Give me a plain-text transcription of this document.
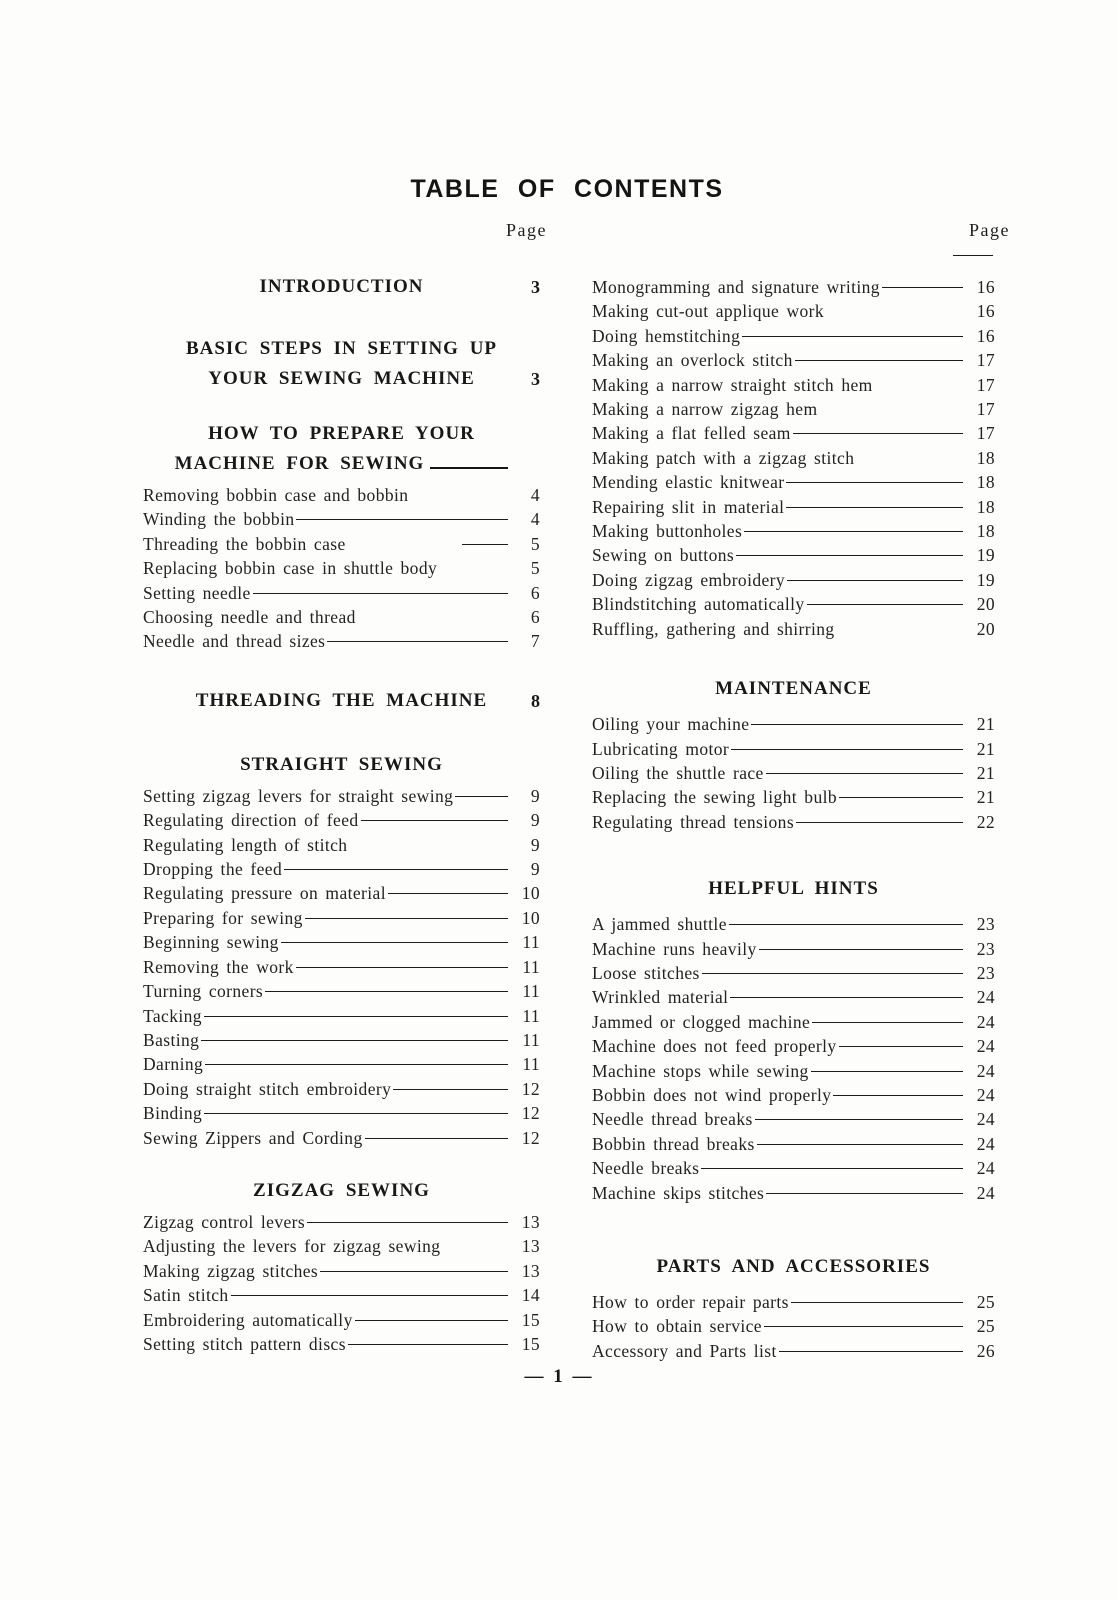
TABLE OF CONTENTS
Page	Page
INTRODUCTION	3
BASIC STEPS IN SETTING UP
YOUR SEWING MACHINE	3
HOW TO PREPARE YOUR
MACHINE FOR SEWING
Removing bobbin case and bobbin	4
Winding the bobbin	4
Threading the bobbin case	5
Replacing bobbin case in shuttle body	5
Setting needle	6
Choosing needle and thread	6
Needle and thread sizes	7
THREADING THE MACHINE 8
STRAIGHT SEWING
Setting zigzag levers for straight sewing	9
Regulating direction of feed	9
Regulating length of stitch	9
Dropping the feed	9
Regulating pressure on material	10
Preparing for sewing	10
Beginning sewing	11
Removing the work	11
Turning corners	11
Tacking	11
Basting	11
Darning	11
Doing straight stitch embroidery	12
Binding	12
Sewing Zippers and Cording	12
ZIGZAG SEWING
Zigzag control levers	13
Adjusting the levers for zigzag sewing	13
Making zigzag stitches	13
Satin stitch	14
Embroidering automatically	15
Setting stitch pattern discs	15
Monogramming and signature writing	16
Making cut-out applique work	16
Doing hemstitching	16
Making an overlock stitch	17
Making a narrow straight stitch hem	17
Making a narrow zigzag hem	17
Making a flat felled seam	17
Making patch with a zigzag stitch	18
Mending elastic knitwear	18
Repairing slit in material	18
Making buttonholes	18
Sewing on buttons	19
Doing zigzag embroidery	19
Blindstitching automatically	20
Ruffling, gathering and shirring	20
MAINTENANCE
Oiling your machine	21
Lubricating motor	21
Oiling the shuttle race	21
Replacing the sewing light bulb	21
Regulating thread tensions	22
HELPFUL HINTS
A jammed shuttle	23
Machine runs heavily	23
Loose stitches	23
Wrinkled material	24
Jammed or clogged machine	24
Machine does not feed properly	24
Machine stops while sewing	24
Bobbin does not wind properly	24
Needle thread breaks	24
Bobbin thread breaks	24
Needle breaks	24
Machine skips stitches	24
PARTS AND ACCESSORIES
How to order repair parts	25
How to obtain service	25
Accessory and Parts list	26
— 1 —
